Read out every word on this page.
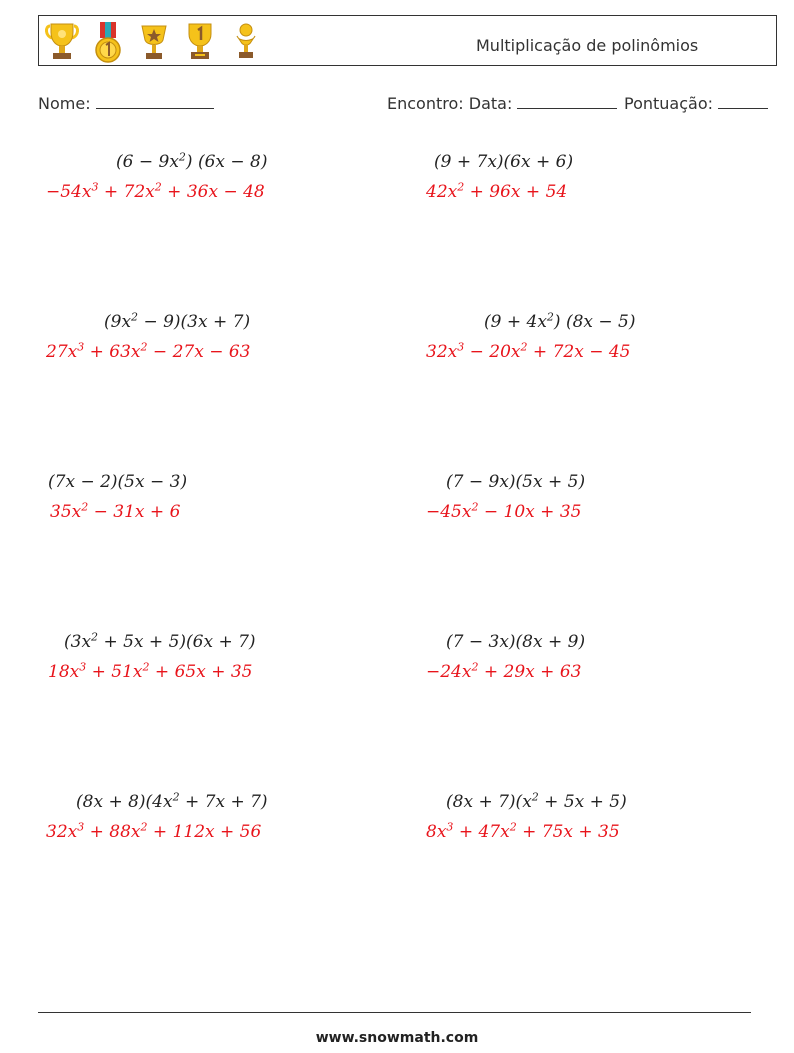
Multiplicação de polinômios
Nome:	Encontro: Data:	Pontuação:
$(6 - 9x^2)$ (6x − 8)
$-54x^3 + 72x^2 + 36x - 48$
(9 + 7x)(6x + 6)
$42x^2 + 96x + 54$
$(9x^2 - 9)(3x + 7)$
$27x^3 + 63x^2 - 27x - 63$
$(9 + 4x^2)$ (8x − 5)
$32x^3 - 20x^2 + 72x - 45$
(7x − 2)(5x − 3)
$35x^2 - 31x + 6$
(7 − 9x)(5x + 5)
$-45x^2 - 10x + 35$
$(3x^2 + 5x + 5)(6x + 7)$
$18x^3 + 51x^2 + 65x + 35$
(7 − 3x)(8x + 9)
$-24x^2 + 29x + 63$
$(8x + 8)(4x^2 + 7x + 7)$
$32x^3 + 88x^2 + 112x + 56$
$(8x + 7)(x^2 + 5x + 5)$
$8x^3 + 47x^2 + 75x + 35$
www.snowmath.com
